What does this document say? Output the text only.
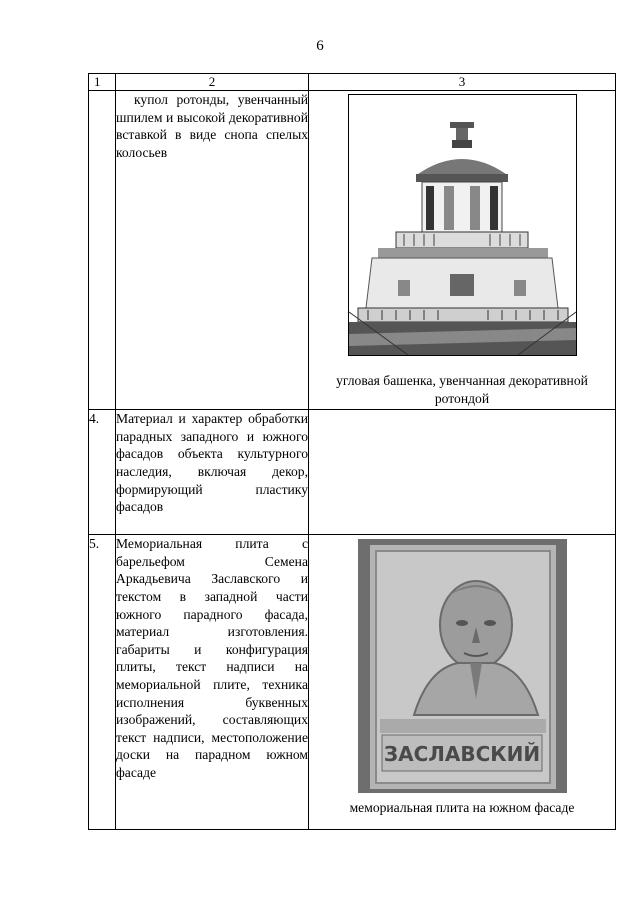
6
1	2	3

	купол ротонды, увенчанный шпилем и высокой декоративной вставкой в виде снопа спелых колосьев	угловая башенка, увенчанная декоративной ротондой

4.	Материал и характер обработки парадных западного и южного фасадов объекта культурного наследия, включая декор, формирующий пластику фасадов	

5.	Мемориальная плита с барельефом Семена Аркадьевича Заславского и текстом в западной части южного парадного фасада, материал изготовления. габариты и конфигурация плиты, текст надписи на мемориальной плите, техника исполнения буквенных изображений, составляющих текст надписи, местоположение доски на парадном южном фасаде	ЗАСЛАВСКИЙ

мемориальная плита на южном фасаде
